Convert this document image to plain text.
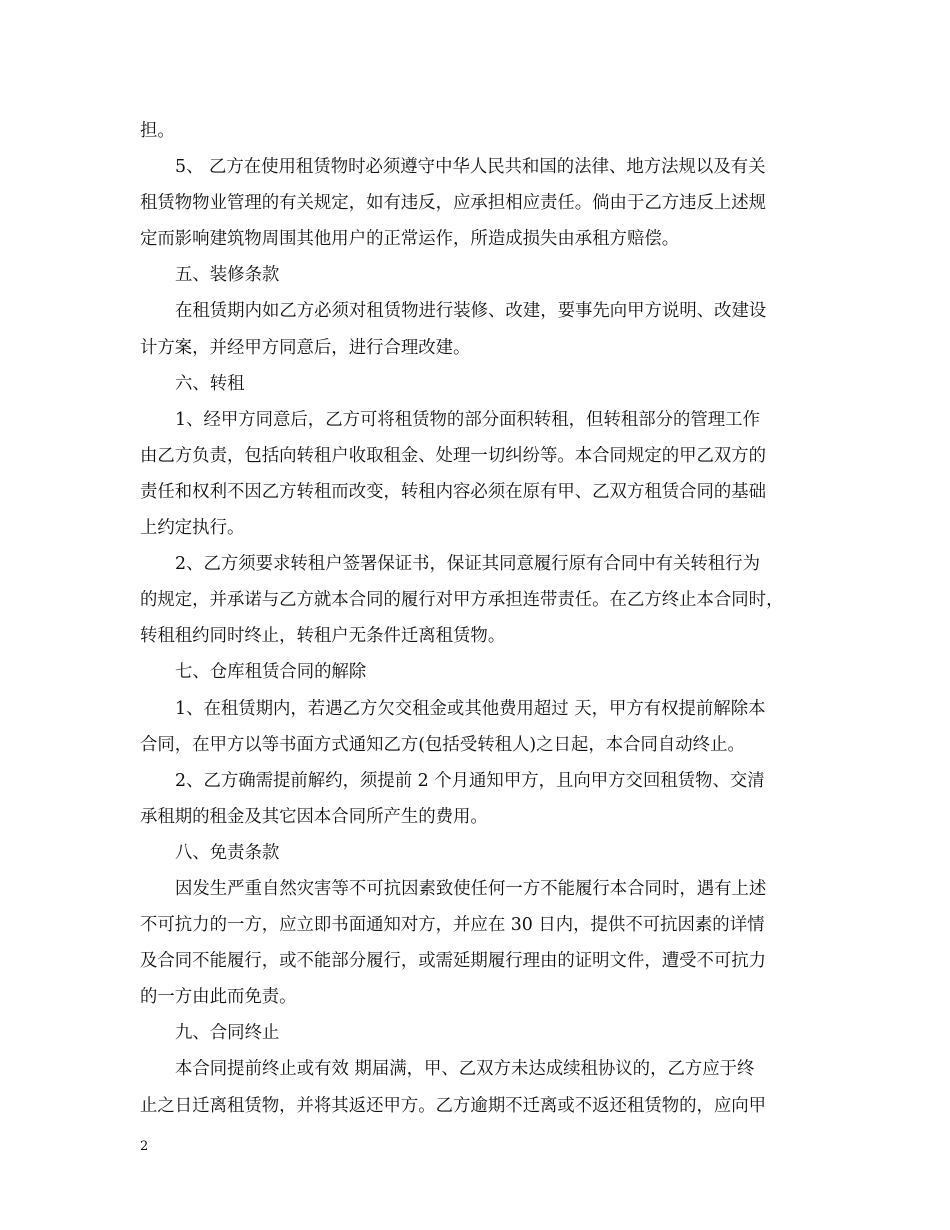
担。
5、 乙方在使用租赁物时必须遵守中华人民共和国的法律、地方法规以及有关
租赁物物业管理的有关规定，如有违反，应承担相应责任。倘由于乙方违反上述规
定而影响建筑物周围其他用户的正常运作，所造成损失由承租方赔偿。
五、装修条款
在租赁期内如乙方必须对租赁物进行装修、改建，要事先向甲方说明、改建设
计方案，并经甲方同意后，进行合理改建。
六、转租
1、经甲方同意后，乙方可将租赁物的部分面积转租，但转租部分的管理工作
由乙方负责，包括向转租户收取租金、处理一切纠纷等。本合同规定的甲乙双方的
责任和权利不因乙方转租而改变，转租内容必须在原有甲、乙双方租赁合同的基础
上约定执行。
2、乙方须要求转租户签署保证书，保证其同意履行原有合同中有关转租行为
的规定，并承诺与乙方就本合同的履行对甲方承担连带责任。在乙方终止本合同时，
转租租约同时终止，转租户无条件迁离租赁物。
七、仓库租赁合同的解除
1、在租赁期内，若遇乙方欠交租金或其他费用超过 天，甲方有权提前解除本
合同，在甲方以等书面方式通知乙方(包括受转租人)之日起，本合同自动终止。
2、乙方确需提前解约，须提前 2 个月通知甲方，且向甲方交回租赁物、交清
承租期的租金及其它因本合同所产生的费用。
八、免责条款
因发生严重自然灾害等不可抗因素致使任何一方不能履行本合同时，遇有上述
不可抗力的一方，应立即书面通知对方，并应在 30 日内，提供不可抗因素的详情
及合同不能履行，或不能部分履行，或需延期履行理由的证明文件，遭受不可抗力
的一方由此而免责。
九、合同终止
本合同提前终止或有效 期届满，甲、乙双方未达成续租协议的，乙方应于终
止之日迁离租赁物，并将其返还甲方。乙方逾期不迁离或不返还租赁物的，应向甲
2
